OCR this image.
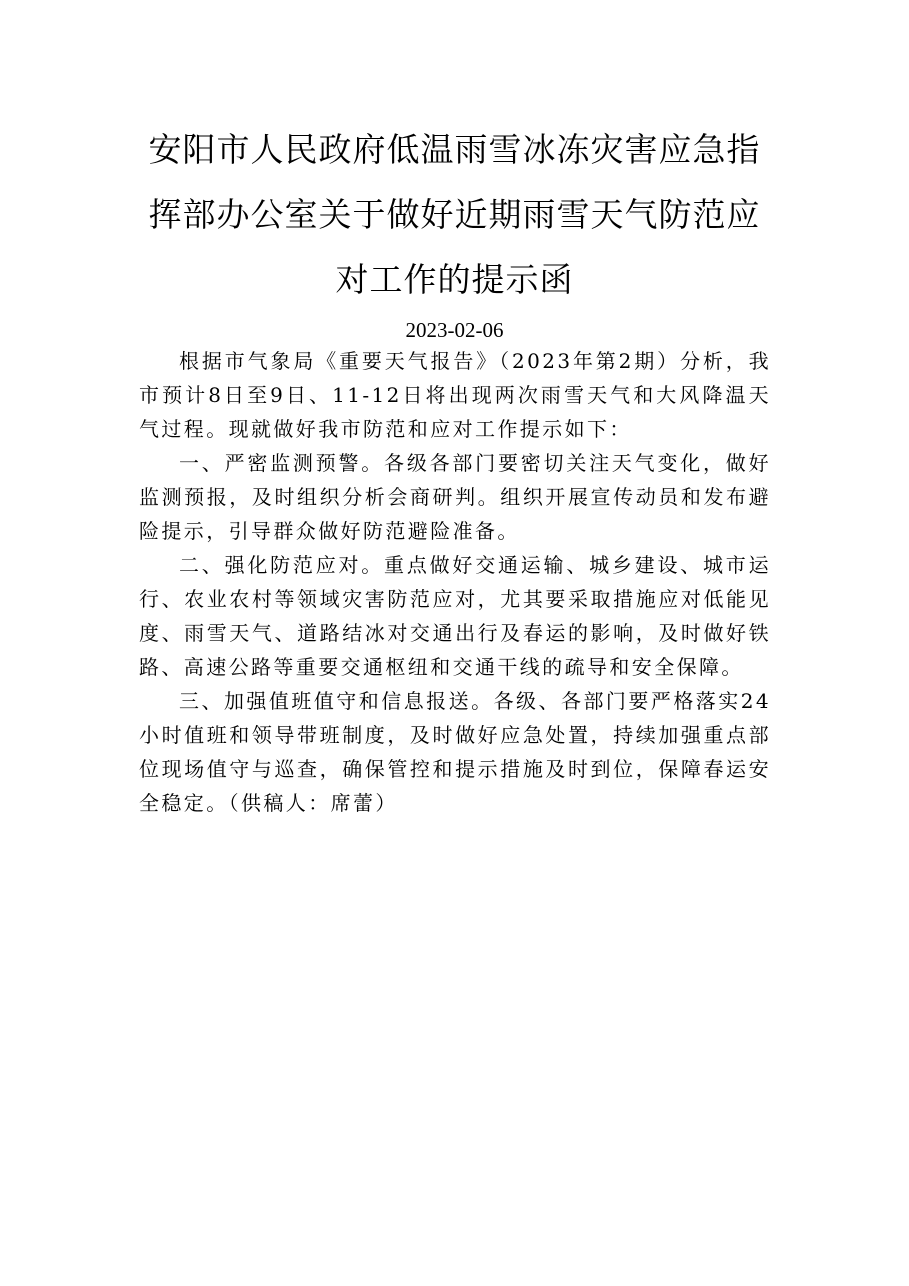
安阳市人民政府低温雨雪冰冻灾害应急指
挥部办公室关于做好近期雨雪天气防范应
对工作的提示函
2023-02-06

根据市气象局《重要天气报告》（2023年第2期）分析，我市预计8日至9日、11-12日将出现两次雨雪天气和大风降温天气过程。现就做好我市防范和应对工作提示如下：

一、严密监测预警。各级各部门要密切关注天气变化，做好监测预报，及时组织分析会商研判。组织开展宣传动员和发布避险提示，引导群众做好防范避险准备。

二、强化防范应对。重点做好交通运输、城乡建设、城市运行、农业农村等领域灾害防范应对，尤其要采取措施应对低能见度、雨雪天气、道路结冰对交通出行及春运的影响，及时做好铁路、高速公路等重要交通枢纽和交通干线的疏导和安全保障。

三、加强值班值守和信息报送。各级、各部门要严格落实24小时值班和领导带班制度，及时做好应急处置，持续加强重点部位现场值守与巡查，确保管控和提示措施及时到位，保障春运安全稳定。（供稿人：席蕾）
